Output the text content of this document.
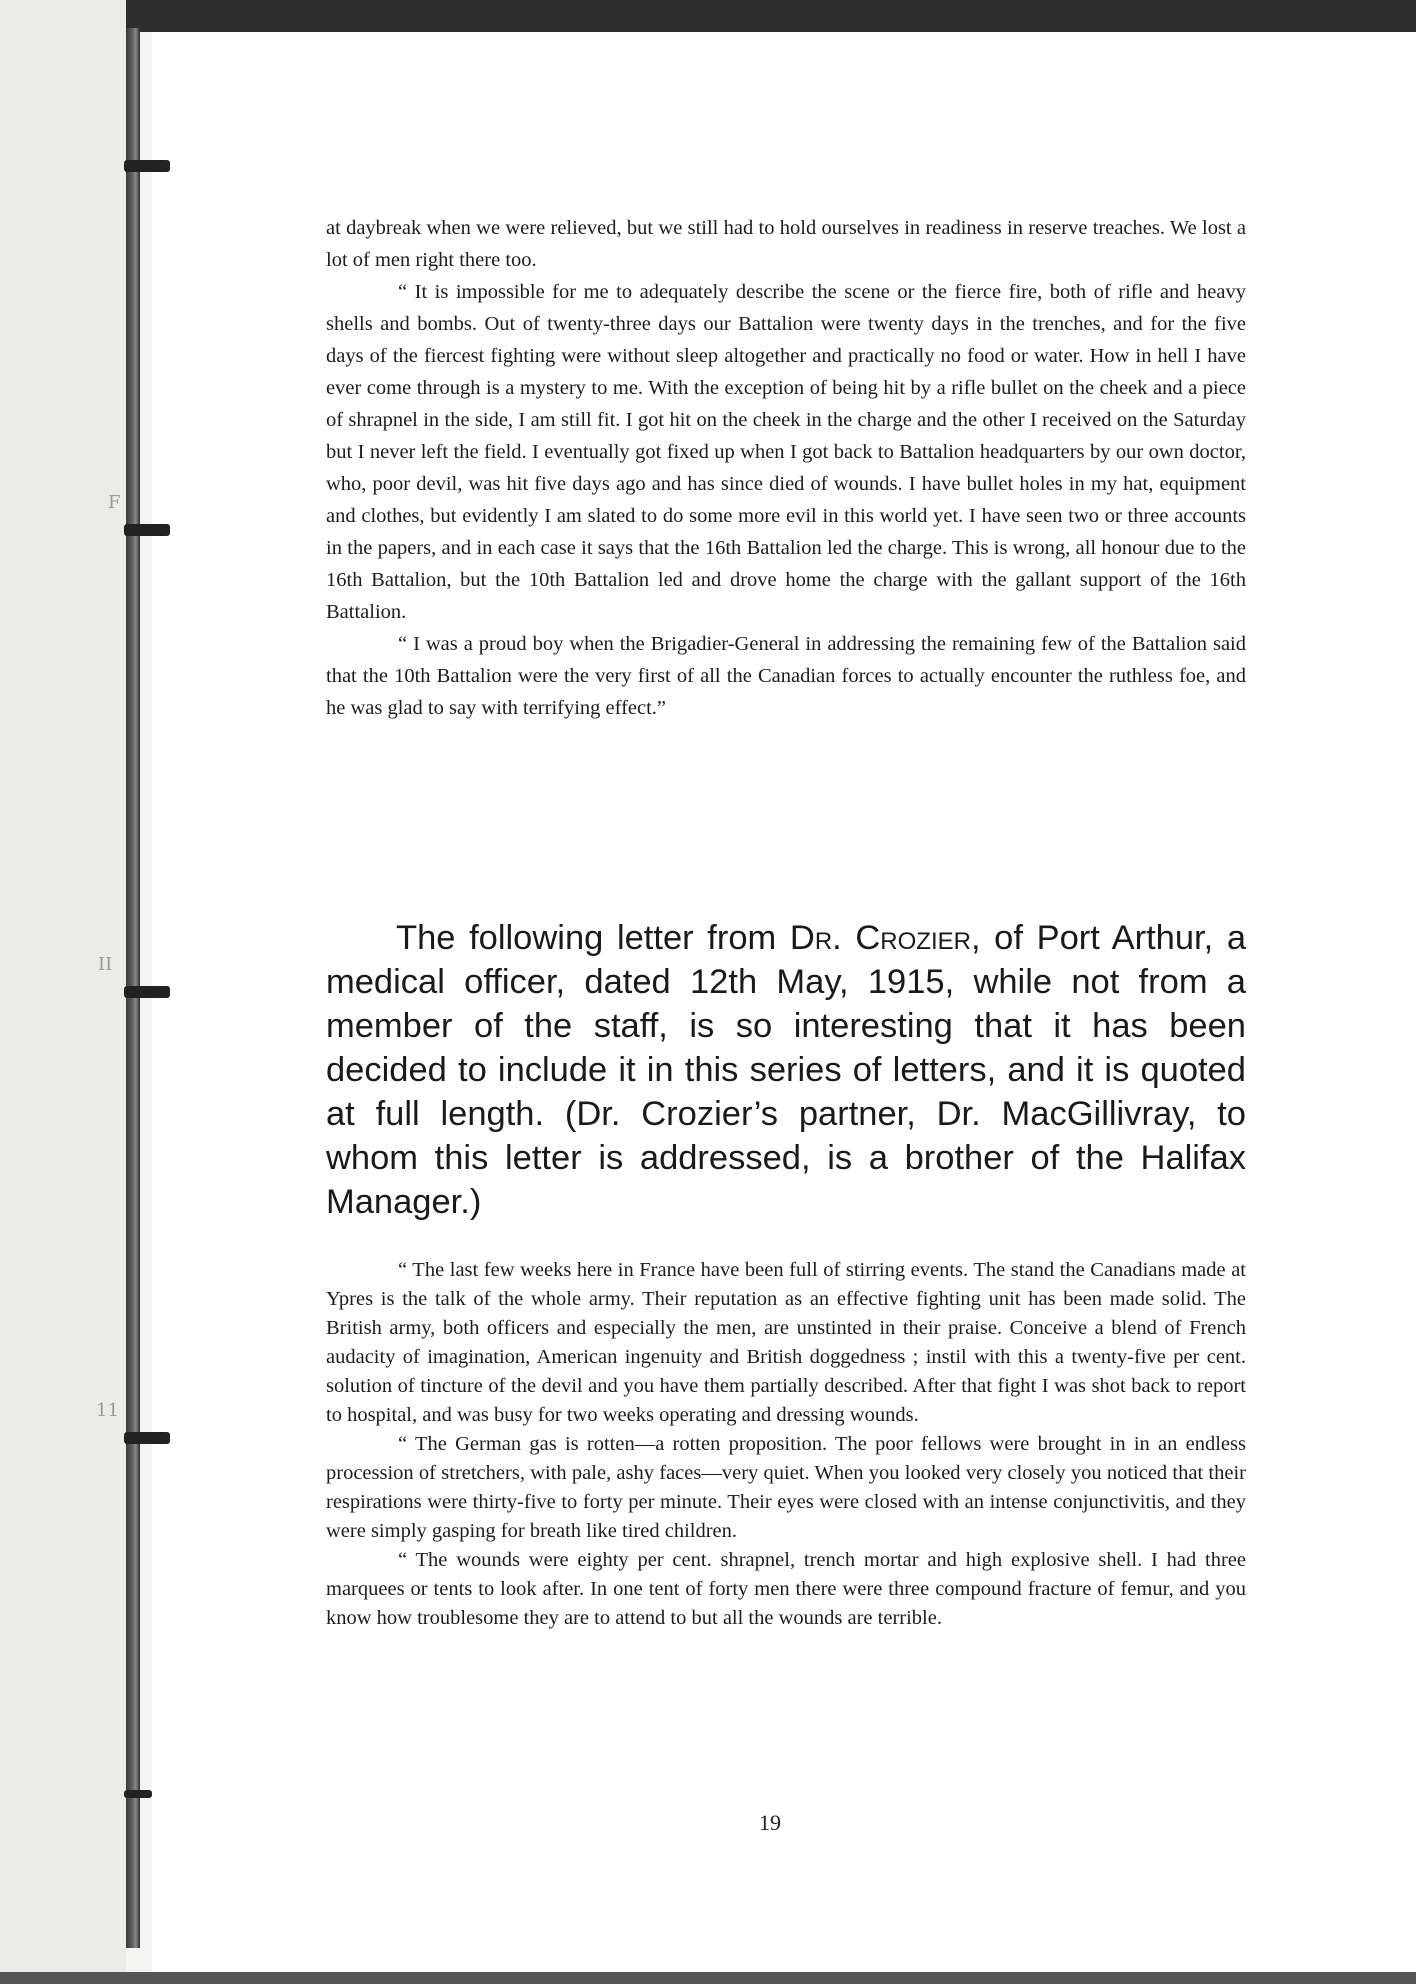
F
II
11

at daybreak when we were relieved, but we still had to hold ourselves in readiness in reserve treaches. We lost a lot of men right there too.

“ It is impossible for me to adequately describe the scene or the fierce fire, both of rifle and heavy shells and bombs. Out of twenty-three days our Battalion were twenty days in the trenches, and for the five days of the fiercest fighting were without sleep altogether and practically no food or water. How in hell I have ever come through is a mystery to me. With the exception of being hit by a rifle bullet on the cheek and a piece of shrapnel in the side, I am still fit. I got hit on the cheek in the charge and the other I received on the Saturday but I never left the field. I eventually got fixed up when I got back to Battalion headquarters by our own doctor, who, poor devil, was hit five days ago and has since died of wounds. I have bullet holes in my hat, equipment and clothes, but evidently I am slated to do some more evil in this world yet. I have seen two or three accounts in the papers, and in each case it says that the 16th Battalion led the charge. This is wrong, all honour due to the 16th Battalion, but the 10th Battalion led and drove home the charge with the gallant support of the 16th Battalion.

“ I was a proud boy when the Brigadier-General in addressing the remaining few of the Battalion said that the 10th Battalion were the very first of all the Canadian forces to actually encounter the ruthless foe, and he was glad to say with terrifying effect.”

The following letter from Dr. Crozier, of Port Arthur, a medical officer, dated 12th May, 1915, while not from a member of the staff, is so interesting that it has been decided to include it in this series of letters, and it is quoted at full length. (Dr. Crozier’s partner, Dr. MacGillivray, to whom this letter is addressed, is a brother of the Halifax Manager.)

“ The last few weeks here in France have been full of stirring events. The stand the Canadians made at Ypres is the talk of the whole army. Their reputation as an effective fighting unit has been made solid. The British army, both officers and especially the men, are unstinted in their praise. Conceive a blend of French audacity of imagination, American ingenuity and British doggedness ; instil with this a twenty-five per cent. solution of tincture of the devil and you have them partially described. After that fight I was shot back to report to hospital, and was busy for two weeks operating and dressing wounds.

“ The German gas is rotten—a rotten proposition. The poor fellows were brought in in an endless procession of stretchers, with pale, ashy faces—very quiet. When you looked very closely you noticed that their respirations were thirty-five to forty per minute. Their eyes were closed with an intense conjunctivitis, and they were simply gasping for breath like tired children.

“ The wounds were eighty per cent. shrapnel, trench mortar and high explosive shell. I had three marquees or tents to look after. In one tent of forty men there were three compound fracture of femur, and you know how troublesome they are to attend to but all the wounds are terrible.

19
